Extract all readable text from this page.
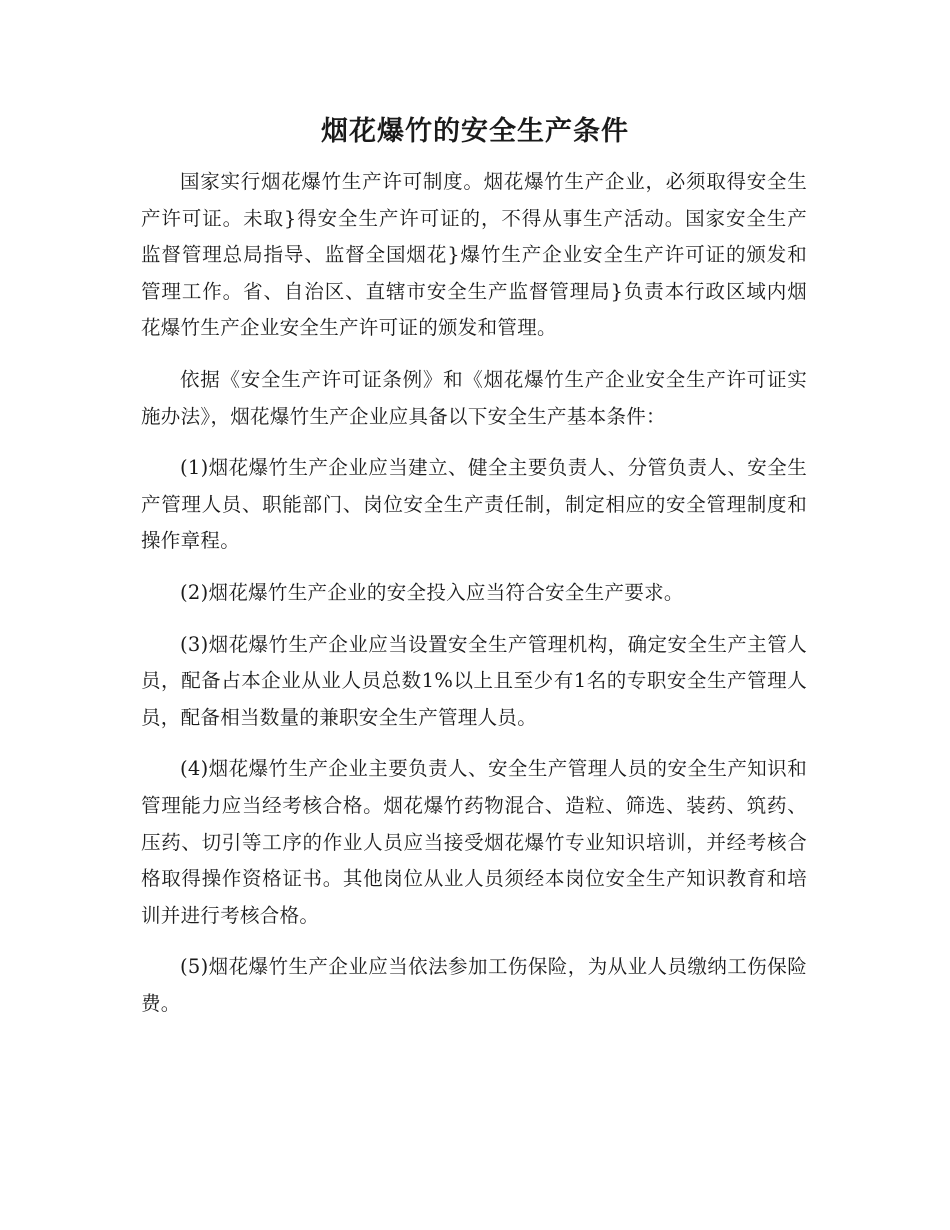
烟花爆竹的安全生产条件

国家实行烟花爆竹生产许可制度。烟花爆竹生产企业，必须取得安全生产许可证。未取}得安全生产许可证的，不得从事生产活动。国家安全生产监督管理总局指导、监督全国烟花}爆竹生产企业安全生产许可证的颁发和管理工作。省、自治区、直辖市安全生产监督管理局}负责本行政区域内烟花爆竹生产企业安全生产许可证的颁发和管理。

依据《安全生产许可证条例》和《烟花爆竹生产企业安全生产许可证实施办法》，烟花爆竹生产企业应具备以下安全生产基本条件：

(1)烟花爆竹生产企业应当建立、健全主要负责人、分管负责人、安全生产管理人员、职能部门、岗位安全生产责任制，制定相应的安全管理制度和操作章程。

(2)烟花爆竹生产企业的安全投入应当符合安全生产要求。

(3)烟花爆竹生产企业应当设置安全生产管理机构，确定安全生产主管人员，配备占本企业从业人员总数1%以上且至少有1名的专职安全生产管理人员，配备相当数量的兼职安全生产管理人员。

(4)烟花爆竹生产企业主要负责人、安全生产管理人员的安全生产知识和管理能力应当经考核合格。烟花爆竹药物混合、造粒、筛选、装药、筑药、压药、切引等工序的作业人员应当接受烟花爆竹专业知识培训，并经考核合格取得操作资格证书。其他岗位从业人员须经本岗位安全生产知识教育和培训并进行考核合格。

(5)烟花爆竹生产企业应当依法参加工伤保险，为从业人员缴纳工伤保险费。
